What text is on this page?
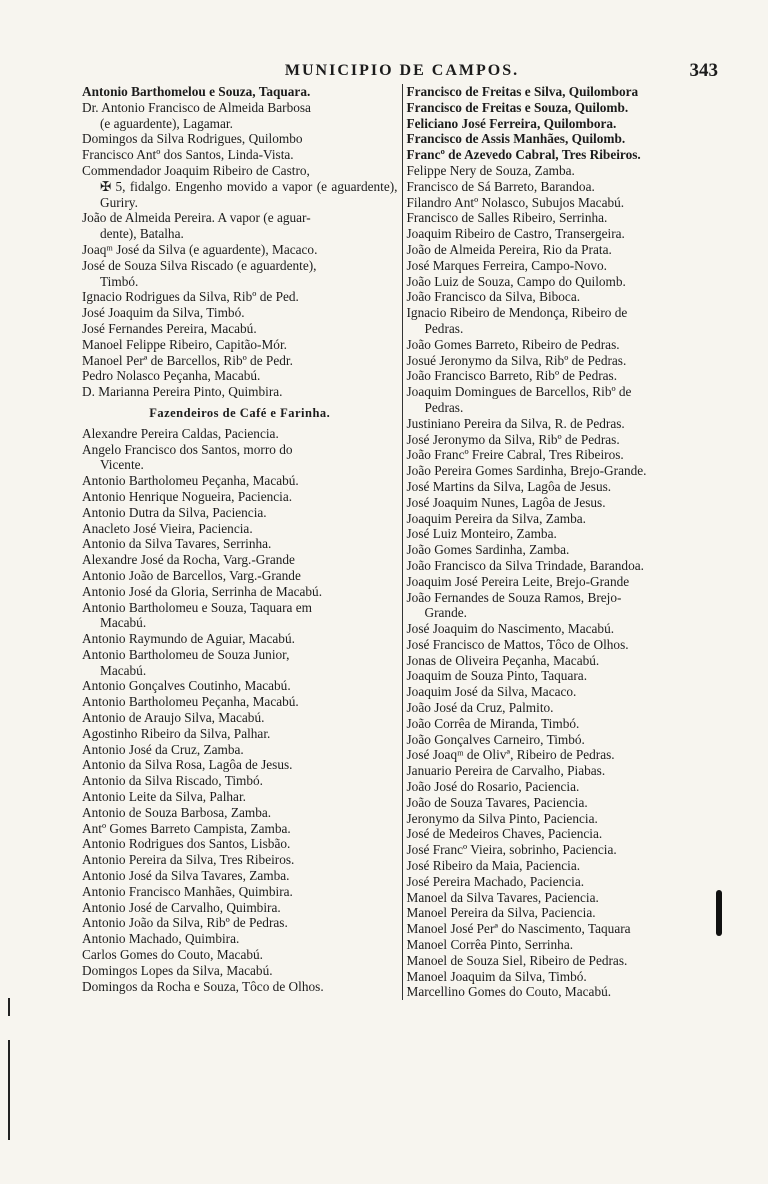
MUNICIPIO DE CAMPOS.	343
Antonio Barthomelou e Souza, Taquara.
Dr. Antonio Francisco de Almeida Barbosa
(e aguardente), Lagamar.
Domingos da Silva Rodrigues, Quilombo
Francisco Antº dos Santos, Linda-Vista.
Commendador Joaquim Ribeiro de Castro,
✠ 5, fidalgo. Engenho movido a vapor (e aguardente), Guriry.
João de Almeida Pereira. A vapor (e aguar-
dente), Batalha.
Joaqᵐ José da Silva (e aguardente), Macaco.
José de Souza Silva Riscado (e aguardente),
Timbó.
Ignacio Rodrigues da Silva, Ribº de Ped.
José Joaquim da Silva, Timbó.
José Fernandes Pereira, Macabú.
Manoel Felippe Ribeiro, Capitão-Mór.
Manoel Perª de Barcellos, Ribº de Pedr.
Pedro Nolasco Peçanha, Macabú.
D. Marianna Pereira Pinto, Quimbira.
Fazendeiros de Café e Farinha.
Alexandre Pereira Caldas, Paciencia.
Angelo Francisco dos Santos, morro do
Vicente.
Antonio Bartholomeu Peçanha, Macabú.
Antonio Henrique Nogueira, Paciencia.
Antonio Dutra da Silva, Paciencia.
Anacleto José Vieira, Paciencia.
Antonio da Silva Tavares, Serrinha.
Alexandre José da Rocha, Varg.-Grande
Antonio João de Barcellos, Varg.-Grande
Antonio José da Gloria, Serrinha de Macabú.
Antonio Bartholomeu e Souza, Taquara em
Macabú.
Antonio Raymundo de Aguiar, Macabú.
Antonio Bartholomeu de Souza Junior,
Macabú.
Antonio Gonçalves Coutinho, Macabú.
Antonio Bartholomeu Peçanha, Macabú.
Antonio de Araujo Silva, Macabú.
Agostinho Ribeiro da Silva, Palhar.
Antonio José da Cruz, Zamba.
Antonio da Silva Rosa, Lagôa de Jesus.
Antonio da Silva Riscado, Timbó.
Antonio Leite da Silva, Palhar.
Antonio de Souza Barbosa, Zamba.
Antº Gomes Barreto Campista, Zamba.
Antonio Rodrigues dos Santos, Lisbão.
Antonio Pereira da Silva, Tres Ribeiros.
Antonio José da Silva Tavares, Zamba.
Antonio Francisco Manhães, Quimbira.
Antonio José de Carvalho, Quimbira.
Antonio João da Silva, Ribº de Pedras.
Antonio Machado, Quimbira.
Carlos Gomes do Couto, Macabú.
Domingos Lopes da Silva, Macabú.
Domingos da Rocha e Souza, Tôco de Olhos.
Francisco de Freitas e Silva, Quilombora
Francisco de Freitas e Souza, Quilomb.
Feliciano José Ferreira, Quilombora.
Francisco de Assis Manhães, Quilomb.
Francº de Azevedo Cabral, Tres Ribeiros.
Felippe Nery de Souza, Zamba.
Francisco de Sá Barreto, Barandoa.
Filandro Antº Nolasco, Subujos Macabú.
Francisco de Salles Ribeiro, Serrinha.
Joaquim Ribeiro de Castro, Transergeira.
João de Almeida Pereira, Rio da Prata.
José Marques Ferreira, Campo-Novo.
João Luiz de Souza, Campo do Quilomb.
João Francisco da Silva, Biboca.
Ignacio Ribeiro de Mendonça, Ribeiro de
Pedras.
João Gomes Barreto, Ribeiro de Pedras.
Josué Jeronymo da Silva, Ribº de Pedras.
João Francisco Barreto, Ribº de Pedras.
Joaquim Domingues de Barcellos, Ribº de
Pedras.
Justiniano Pereira da Silva, R. de Pedras.
José Jeronymo da Silva, Ribº de Pedras.
João Francº Freire Cabral, Tres Ribeiros.
João Pereira Gomes Sardinha, Brejo-Grande.
José Martins da Silva, Lagôa de Jesus.
José Joaquim Nunes, Lagôa de Jesus.
Joaquim Pereira da Silva, Zamba.
José Luiz Monteiro, Zamba.
João Gomes Sardinha, Zamba.
João Francisco da Silva Trindade, Barandoa.
Joaquim José Pereira Leite, Brejo-Grande
João Fernandes de Souza Ramos, Brejo-
Grande.
José Joaquim do Nascimento, Macabú.
José Francisco de Mattos, Tôco de Olhos.
Jonas de Oliveira Peçanha, Macabú.
Joaquim de Souza Pinto, Taquara.
Joaquim José da Silva, Macaco.
João José da Cruz, Palmito.
João Corrêa de Miranda, Timbó.
João Gonçalves Carneiro, Timbó.
José Joaqᵐ de Olivª, Ribeiro de Pedras.
Januario Pereira de Carvalho, Piabas.
João José do Rosario, Paciencia.
João de Souza Tavares, Paciencia.
Jeronymo da Silva Pinto, Paciencia.
José de Medeiros Chaves, Paciencia.
José Francº Vieira, sobrinho, Paciencia.
José Ribeiro da Maia, Paciencia.
José Pereira Machado, Paciencia.
Manoel da Silva Tavares, Paciencia.
Manoel Pereira da Silva, Paciencia.
Manoel José Perª do Nascimento, Taquara
Manoel Corrêa Pinto, Serrinha.
Manoel de Souza Siel, Ribeiro de Pedras.
Manoel Joaquim da Silva, Timbó.
Marcellino Gomes do Couto, Macabú.
